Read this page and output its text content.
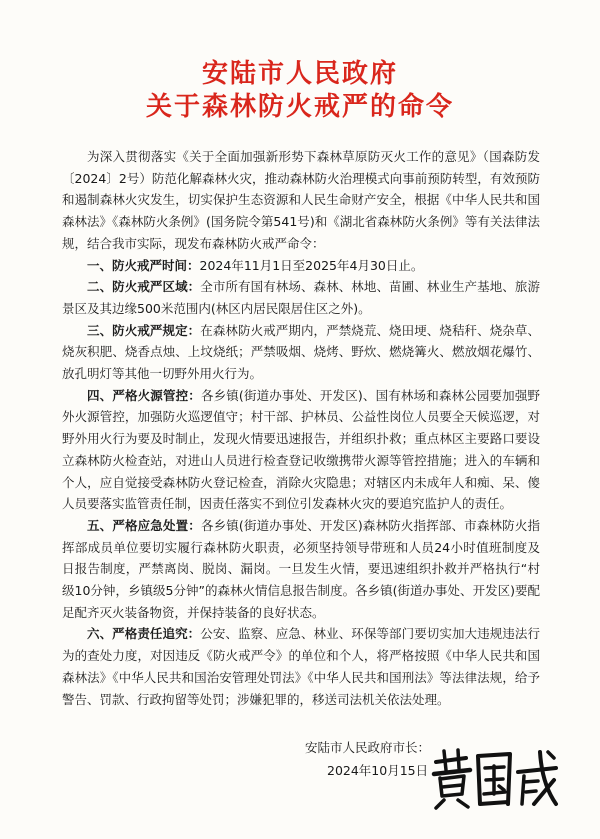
安陆市人民政府
关于森林防火戒严的命令

为深入贯彻落实《关于全面加强新形势下森林草原防灭火工作的意见》（国森防发〔2024〕2号）防范化解森林火灾，推动森林防火治理模式向事前预防转型，有效预防和遏制森林火灾发生，切实保护生态资源和人民生命财产安全，根据《中华人民共和国森林法》《森林防火条例》(国务院令第541号)和《湖北省森林防火条例》等有关法律法规，结合我市实际，现发布森林防火戒严命令：

一、防火戒严时间：2024年11月1日至2025年4月30日止。

二、防火戒严区域：全市所有国有林场、森林、林地、苗圃、林业生产基地、旅游景区及其边缘500米范围内(林区内居民限居住区之外)。

三、防火戒严规定：在森林防火戒严期内，严禁烧荒、烧田埂、烧秸秆、烧杂草、烧灰积肥、烧香点烛、上坟烧纸；严禁吸烟、烧烤、野炊、燃烧篝火、燃放烟花爆竹、放孔明灯等其他一切野外用火行为。

四、严格火源管控：各乡镇(街道办事处、开发区)、国有林场和森林公园要加强野外火源管控，加强防火巡逻值守；村干部、护林员、公益性岗位人员要全天候巡逻，对野外用火行为要及时制止，发现火情要迅速报告，并组织扑救；重点林区主要路口要设立森林防火检查站，对进山人员进行检查登记收缴携带火源等管控措施；进入的车辆和个人，应自觉接受森林防火登记检查，消除火灾隐患；对辖区内未成年人和痴、呆、傻人员要落实监管责任制，因责任落实不到位引发森林火灾的要追究监护人的责任。

五、严格应急处置：各乡镇(街道办事处、开发区)森林防火指挥部、市森林防火指挥部成员单位要切实履行森林防火职责，必须坚持领导带班和人员24小时值班制度及日报告制度，严禁离岗、脱岗、漏岗。一旦发生火情，要迅速组织扑救并严格执行“村级10分钟，乡镇级5分钟”的森林火情信息报告制度。各乡镇(街道办事处、开发区)要配足配齐灭火装备物资，并保持装备的良好状态。

六、严格责任追究：公安、监察、应急、林业、环保等部门要切实加大违规违法行为的查处力度，对因违反《防火戒严令》的单位和个人，将严格按照《中华人民共和国森林法》《中华人民共和国治安管理处罚法》《中华人民共和国刑法》等法律法规，给予警告、罚款、行政拘留等处罚；涉嫌犯罪的，移送司法机关依法处理。

安陆市人民政府市长：
2024年10月15日
